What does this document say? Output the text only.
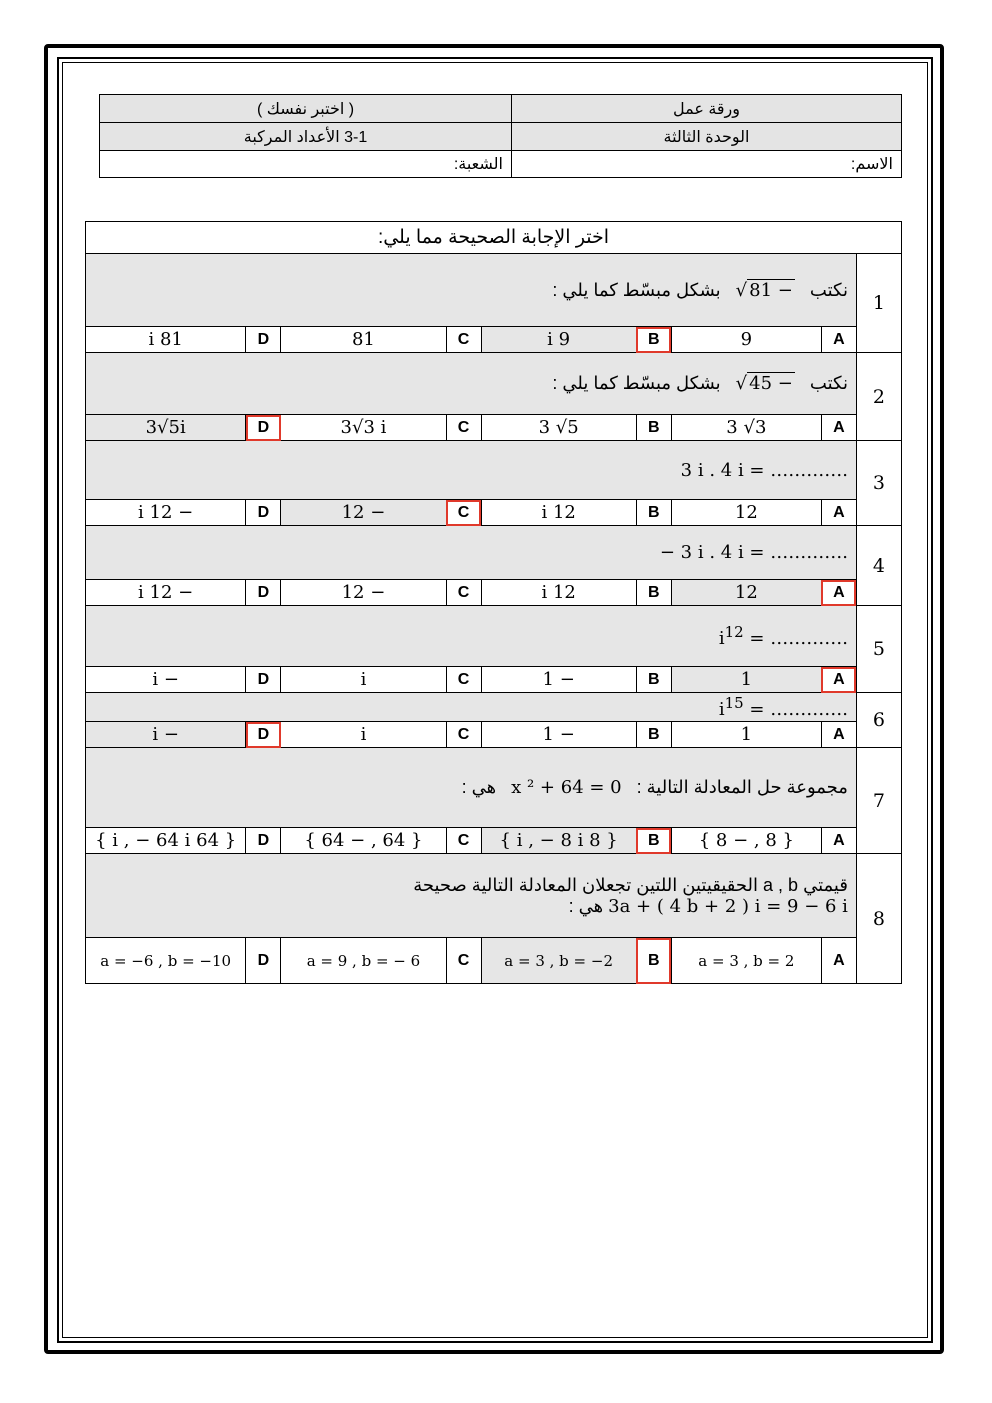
ورقة عمل	( اختبر نفسك )
الوحدة الثالثة	3-1 الأعداد المركبة
الاسم:	الشعبة:
اختر الإجابة الصحيحة مما يلي:								
1	نكتب   √ 81 −   بشكل مبسّط كما يلي :							
	A	9	B	9 i	C	81	D	81 i
2	نكتب   √ 45 −   بشكل مبسّط كما يلي :							
	A	3 √3	B	3 √5	C	3√3 i	D	3√5i
3	3 i . 4 i = ………….							
	A	12	B	12 i	C	− 12	D	− 12 i
4	− 3 i . 4 i = ………….							
	A	12	B	12 i	C	− 12	D	− 12 i
5	$i^{12}$ = ………….							
	A	1	B	− 1	C	i	D	− i
6	$i^{15}$ = ………….							
	A	1	B	− 1	C	i	D	− i
7	مجموعة حل المعادلة التالية :   x ² + 64 = 0   هي :							
	A	{ 8 , − 8 }	B	{ 8 i , − 8 i }	C	{ 64 , − 64 }	D	{ 64 i , − 64 i }
8	قيمتي a , b الحقيقيتين اللتين تجعلان المعادلة التالية صحيحة
3a + ( 4 b + 2 ) i = 9 − 6 i هي :							

	A	a = 3 , b = 2	B	a = 3 , b = −2	C	a = 9 , b = − 6	D	a = −6 , b = −10
